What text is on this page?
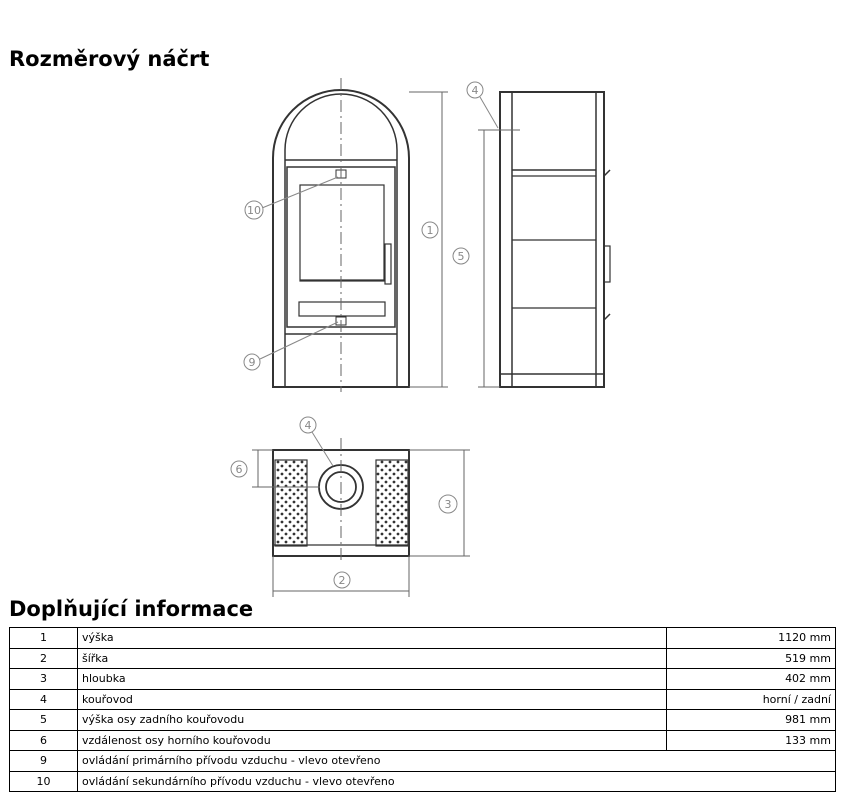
Rozměrový náčrt
1
10
9
5
4
2
3
6
4
Doplňující informace
1	výška	1120 mm
2	šířka	519 mm
3	hloubka	402 mm
4	kouřovod	horní / zadní
5	výška osy zadního kouřovodu	981 mm
6	vzdálenost osy horního kouřovodu	133 mm
9	ovládání primárního přívodu vzduchu - vlevo otevřeno	
10	ovládání sekundárního přívodu vzduchu - vlevo otevřeno	
